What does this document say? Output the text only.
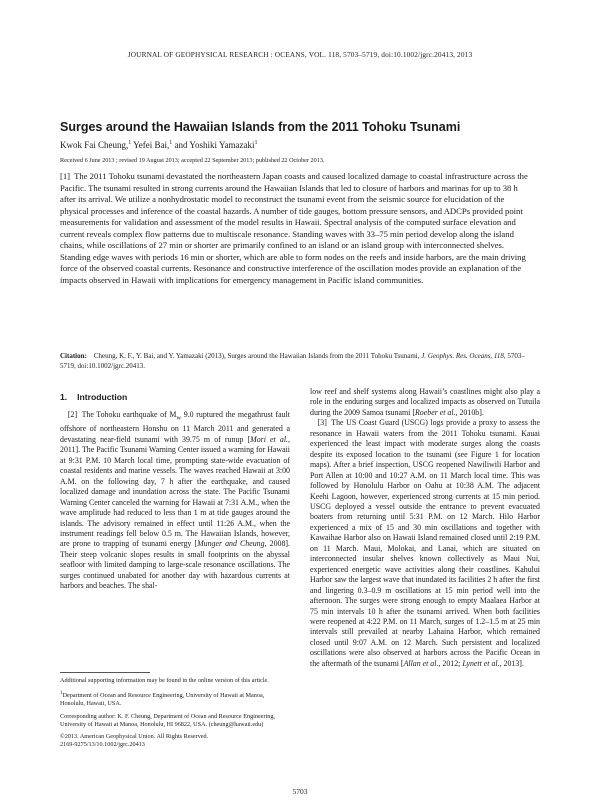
JOURNAL OF GEOPHYSICAL RESEARCH : OCEANS, VOL. 118, 5703–5719, doi:10.1002/jgrc.20413, 2013
Surges around the Hawaiian Islands from the 2011 Tohoku Tsunami
Kwok Fai Cheung,$^1$ Yefei Bai,$^1$ and Yoshiki Yamazaki$^1$
Received 6 June 2013 ; revised 19 August 2013; accepted 22 September 2013; published 22 October 2013.

[1] The 2011 Tohoku tsunami devastated the northeastern Japan coasts and caused localized damage to coastal infrastructure across the Pacific. The tsunami resulted in strong currents around the Hawaiian Islands that led to closure of harbors and marinas for up to 38 h after its arrival. We utilize a nonhydrostatic model to reconstruct the tsunami event from the seismic source for elucidation of the physical processes and inference of the coastal hazards. A number of tide gauges, bottom pressure sensors, and ADCPs provided point measurements for validation and assessment of the model results in Hawaii. Spectral analysis of the computed surface elevation and current reveals complex flow patterns due to multiscale resonance. Standing waves with 33–75 min period develop along the island chains, while oscillations of 27 min or shorter are primarily confined to an island or an island group with interconnected shelves. Standing edge waves with periods 16 min or shorter, which are able to form nodes on the reefs and inside harbors, are the main driving force of the observed coastal currents. Resonance and constructive interference of the oscillation modes provide an explanation of the impacts observed in Hawaii with implications for emergency management in Pacific island communities.

Citation: Cheung, K. F., Y. Bai, and Y. Yamazaki (2013), Surges around the Hawaiian Islands from the 2011 Tohoku Tsunami, J. Geophys. Res. Oceans, 118, 5703–5719, doi:10.1002/jgrc.20413.

1. Introduction

[2] The Tohoku earthquake of $M_w$ 9.0 ruptured the megathrust fault offshore of northeastern Honshu on 11 March 2011 and generated a devastating near-field tsunami with 39.75 m of runup [Mori et al., 2011]. The Pacific Tsunami Warning Center issued a warning for Hawaii at 9:31 P.M. 10 March local time, prompting state-wide evacuation of coastal residents and marine vessels. The waves reached Hawaii at 3:00 A.M. on the following day, 7 h after the earthquake, and caused localized damage and inundation across the state. The Pacific Tsunami Warning Center canceled the warning for Hawaii at 7:31 A.M., when the wave amplitude had reduced to less than 1 m at tide gauges around the islands. The advisory remained in effect until 11:26 A.M., when the instrument readings fell below 0.5 m. The Hawaiian Islands, however, are prone to trapping of tsunami energy [Munger and Cheung, 2008]. Their steep volcanic slopes results in small footprints on the abyssal seafloor with limited damping to large-scale resonance oscillations. The surges continued unabated for another day with hazardous currents at harbors and beaches. The shal-

low reef and shelf systems along Hawaii’s coastlines might also play a role in the enduring surges and localized impacts as observed on Tutuila during the 2009 Samoa tsunami [Roeber et al., 2010b].

[3] The US Coast Guard (USCG) logs provide a proxy to assess the resonance in Hawaii waters from the 2011 Tohoku tsunami. Kauai experienced the least impact with moderate surges along the coasts despite its exposed location to the tsunami (see Figure 1 for location maps). After a brief inspection, USCG reopened Nawiliwili Harbor and Port Allen at 10:00 and 10:27 A.M. on 11 March local time. This was followed by Honolulu Harbor on Oahu at 10:38 A.M. The adjacent Keehi Lagoon, however, experienced strong currents at 15 min period. USCG deployed a vessel outside the entrance to prevent evacuated boaters from returning until 5:31 P.M. on 12 March. Hilo Harbor experienced a mix of 15 and 30 min oscillations and together with Kawaihae Harbor also on Hawaii Island remained closed until 2:19 P.M. on 11 March. Maui, Molokai, and Lanai, which are situated on interconnected insular shelves known collectively as Maui Nui, experienced energetic wave activities along their coastlines. Kahului Harbor saw the largest wave that inundated its facilities 2 h after the first and lingering 0.3–0.9 m oscillations at 15 min period well into the afternoon. The surges were strong enough to empty Maalaea Harbor at 75 min intervals 10 h after the tsunami arrived. When both facilities were reopened at 4:22 P.M. on 11 March, surges of 1.2–1.5 m at 25 min intervals still prevailed at nearby Lahaina Harbor, which remained closed until 9:07 A.M. on 12 March. Such persistent and localized oscillations were also observed at harbors across the Pacific Ocean in the aftermath of the tsunami [Allan et al., 2012; Lynett et al., 2013].

Additional supporting information may be found in the online version of this article.

$^1$Department of Ocean and Resource Engineering, University of Hawaii at Manoa, Honolulu, Hawaii, USA.

Corresponding author: K. F. Cheung, Department of Ocean and Resource Engineering, University of Hawaii at Manoa, Honolulu, HI 96822, USA. (cheung@hawaii.edu)

©2013. American Geophysical Union. All Rights Reserved.
2169-9275/13/10.1002/jgrc.20413

5703
